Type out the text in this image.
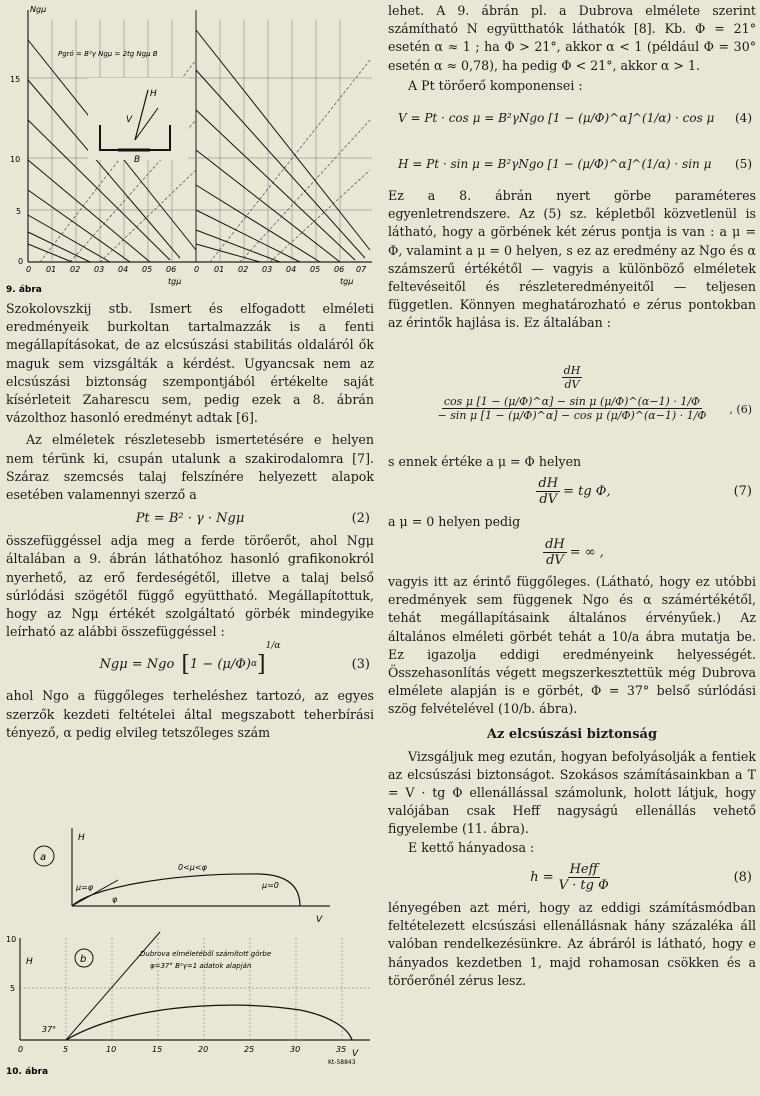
H
V
B
Ngμ
Pgró = B²γ Ngμ = 2tg Ngμ B
15
10
5
0
0 01 02 03 04 05 06 0 01 02 03 04 05 06 07
tgμ	tgμ
9. ábra

Szokolovszkij stb. Ismert és elfogadott elméleti eredményeik burkoltan tartalmazzák is a fenti megállapításokat, de az elcsúszási stabilitás oldaláról ők maguk sem vizsgálták a kérdést. Ugyancsak nem az elcsúszási biztonság szempontjából értékelte saját kísérleteit Zaharescu sem, pedig ezek a 8. ábrán vázolthoz hasonló eredményt adtak [6].

Az elméletek részletesebb ismertetésére e helyen nem térünk ki, csupán utalunk a szakirodalomra [7]. Száraz szemcsés talaj felszínére helyezett alapok esetében valamennyi szerző a

Pt = B² · γ · Ngμ	(2)

összefüggéssel adja meg a ferde törőerőt, ahol Ngμ általában a 9. ábrán láthatóhoz hasonló grafikonokról nyerhető, az erő ferdeségétől, illetve a talaj belső súrlódási szögétől függő együttható. Megállapítottuk, hogy az Ngμ értékét szolgáltató görbék mindegyike leírható az alábbi összefüggéssel :

Ngμ = Ngo [ 1 − (μ/Φ) α ]
1/α
(3)

ahol Ngo a függőleges terheléshez tartozó, az egyes szerzők kezdeti feltételei által megszabott teherbírási tényező, α pedig elvileg tetszőleges szám

a
H
V
μ=φ
φ
0<μ<φ
μ=0
b
H
10
5
V
37°
Dubrova elméletéből számított görbe
φ=37° B²γ=1 adatok alapján
0	5	10	15	20	25	30	35
Kt-58843
10. ábra

lehet. A 9. ábrán pl. a Dubrova elmélete szerint számítható N együtthatók láthatók [8]. Kb. Φ = 21° esetén α ≈ 1 ; ha Φ > 21°, akkor α < 1 (például Φ = 30° esetén α ≈ 0,78), ha pedig Φ < 21°, akkor α > 1.

A Pt törőerő komponensei :

V = Pt · cos μ = B²γNgo [1 − (μ/Φ)^α]^(1/α) · cos μ (4)
H = Pt · sin μ = B²γNgo [1 − (μ/Φ)^α]^(1/α) · sin μ (5)

Ez a 8. ábrán nyert görbe paraméteres egyenletrendszere. Az (5) sz. képletből közvetlenül is látható, hogy a görbének két zérus pontja is van : a μ = Φ, valamint a μ = 0 helyen, s ez az eredmény az Ngo és α számszerű értékétől — vagyis a különböző elméletek feltevéseitől és részleteredményeitől — teljesen független. Könnyen meghatározható e zérus pontokban az érintők hajlása is. Ez általában :

$\frac{dH}{dV}$
$\frac{\text{cos μ [1 − (μ/Φ)\textasciicircum{}α] − sin μ (μ/Φ)\textasciicircum{}(α−1) · 1/Φ}}{\text{− sin μ [1 − (μ/Φ)\textasciicircum{}α] − cos μ (μ/Φ)\textasciicircum{}(α−1) · 1/Φ}}$ , (6)

s ennek értéke a μ = Φ helyen

$\frac{dH}{dV}$ = tg Φ,	(7)

a μ = 0 helyen pedig

$\frac{dH}{dV}$ = ∞ ,

vagyis itt az érintő függőleges. (Látható, hogy ez utóbbi eredmények sem függenek Ngo és α számértékétől, tehát megállapításaink általános érvényűek.) Az általános elméleti görbét tehát a 10/a ábra mutatja be. Ez igazolja eddigi eredményeink helyességét. Összehasonlítás végett megszerkesztettük még Dubrova elmélete alapján is e görbét, Φ = 37° belső súrlódási szög felvételével (10/b. ábra).

Az elcsúszási biztonság

Vizsgáljuk meg ezután, hogyan befolyásolják a fentiek az elcsúszási biztonságot. Szokásos számításainkban a T = V · tg Φ ellenállással számolunk, holott látjuk, hogy valójában csak Heff nagyságú ellenállás vehető figyelembe (11. ábra).

E kettő hányadosa :

$h = \frac{\text{Heff}}{\text{V · tg Φ}}$	(8)

lényegében azt méri, hogy az eddigi számításmódban feltételezett elcsúszási ellenállásnak hány százaléka áll valóban rendelkezésünkre. Az ábráról is látható, hogy e hányados kezdetben 1, majd rohamosan csökken és a törőerőnél zérus lesz.
